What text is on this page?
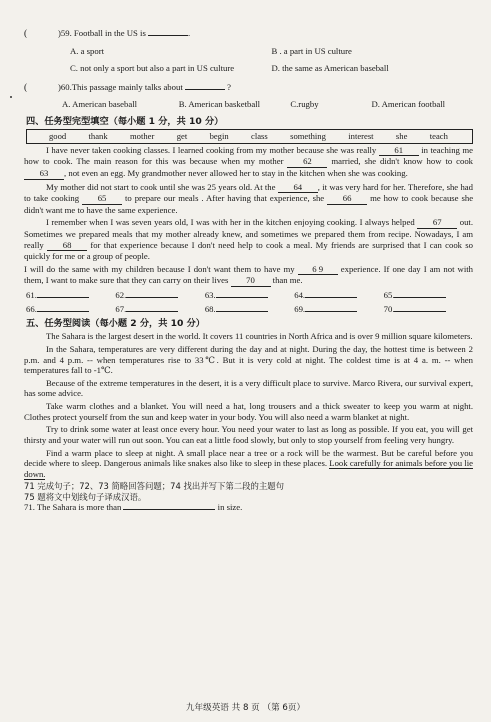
(	)59. Football in the US is	.
A. a sport	B . a part in US culture
C. not only a sport but also a part in US culture	D. the same as American baseball
(	)60.This passage mainly talks about	?
A. American baseball	B. American basketball	C.rugby	D. American football
四、任务型完型填空（每小题 1 分，共 10 分）
good	thank	mother	get	begin	class	something	interest	she	teach

I have never taken cooking classes. I learned cooking from my mother because she was really 61 in teaching me how to cook. The main reason for this was because when my mother 62 married, she didn't know how to cook 63 , not even an egg. My grandmother never allowed her to stay in the kitchen when she was cooking.

My mother did not start to cook until she was 25 years old. At the 64 , it was very hard for her. Therefore, she had to take cooking 65 to prepare our meals . After having that experience, she 66 me how to cook because she didn't want me to have the same experience.

I remember when I was seven years old, I was with her in the kitchen enjoying cooking. I always helped 67 out. Sometimes we prepared meals that my mother already knew, and sometimes we prepared them from recipe. Nowadays, I am really 68 for that experience because I don't need help to cook a meal. My friends are surprised that I can cook so quickly for me or a group of people.

I will do the same with my children because I don't want them to have my 6 9 experience. If one day I am not with them, I want to make sure that they can carry on their lives 70 than me.

61.	62.	63.	64.	65.
66.	67.	68.	69.	70.
五、任务型阅读（每小题 2 分，共 10 分）

The Sahara is the largest desert in the world. It covers 11 countries in North Africa and is over 9 million square kilometers.

In the Sahara, temperatures are very different during the day and at night. During the day, the hottest time is between 2 p.m. and 4 p.m. -- when temperatures rise to 33℃. But it is very cold at night. The coldest time is at 4 a. m. -- when temperatures fall to -1℃.

Because of the extreme temperatures in the desert, it is a very difficult place to survive. Marco Rivera, our survival expert, has some advice.

Take warm clothes and a blanket. You will need a hat, long trousers and a thick sweater to keep you warm at night. Clothes protect yourself from the sun and keep water in your body. You will also need a warm blanket at night.

Try to drink some water at least once every hour. You need your water to last as long as possible. If you eat, you will get thirsty and your water will run out soon. You can eat a little food slowly, but only to stop yourself from feeling very hungry.

Find a warm place to sleep at night. A small place near a tree or a rock will be the warmest. But be careful before you decide where to sleep. Dangerous animals like snakes also like to sleep in these places. Look carefully for animals before you lie down.

71 完成句子；72、73 简略回答问题；74 找出并写下第二段的主题句
75 题将文中划线句子译成汉语。
71. The Sahara is more than	in size.
九年级英语 共 8 页 （第 6页）
